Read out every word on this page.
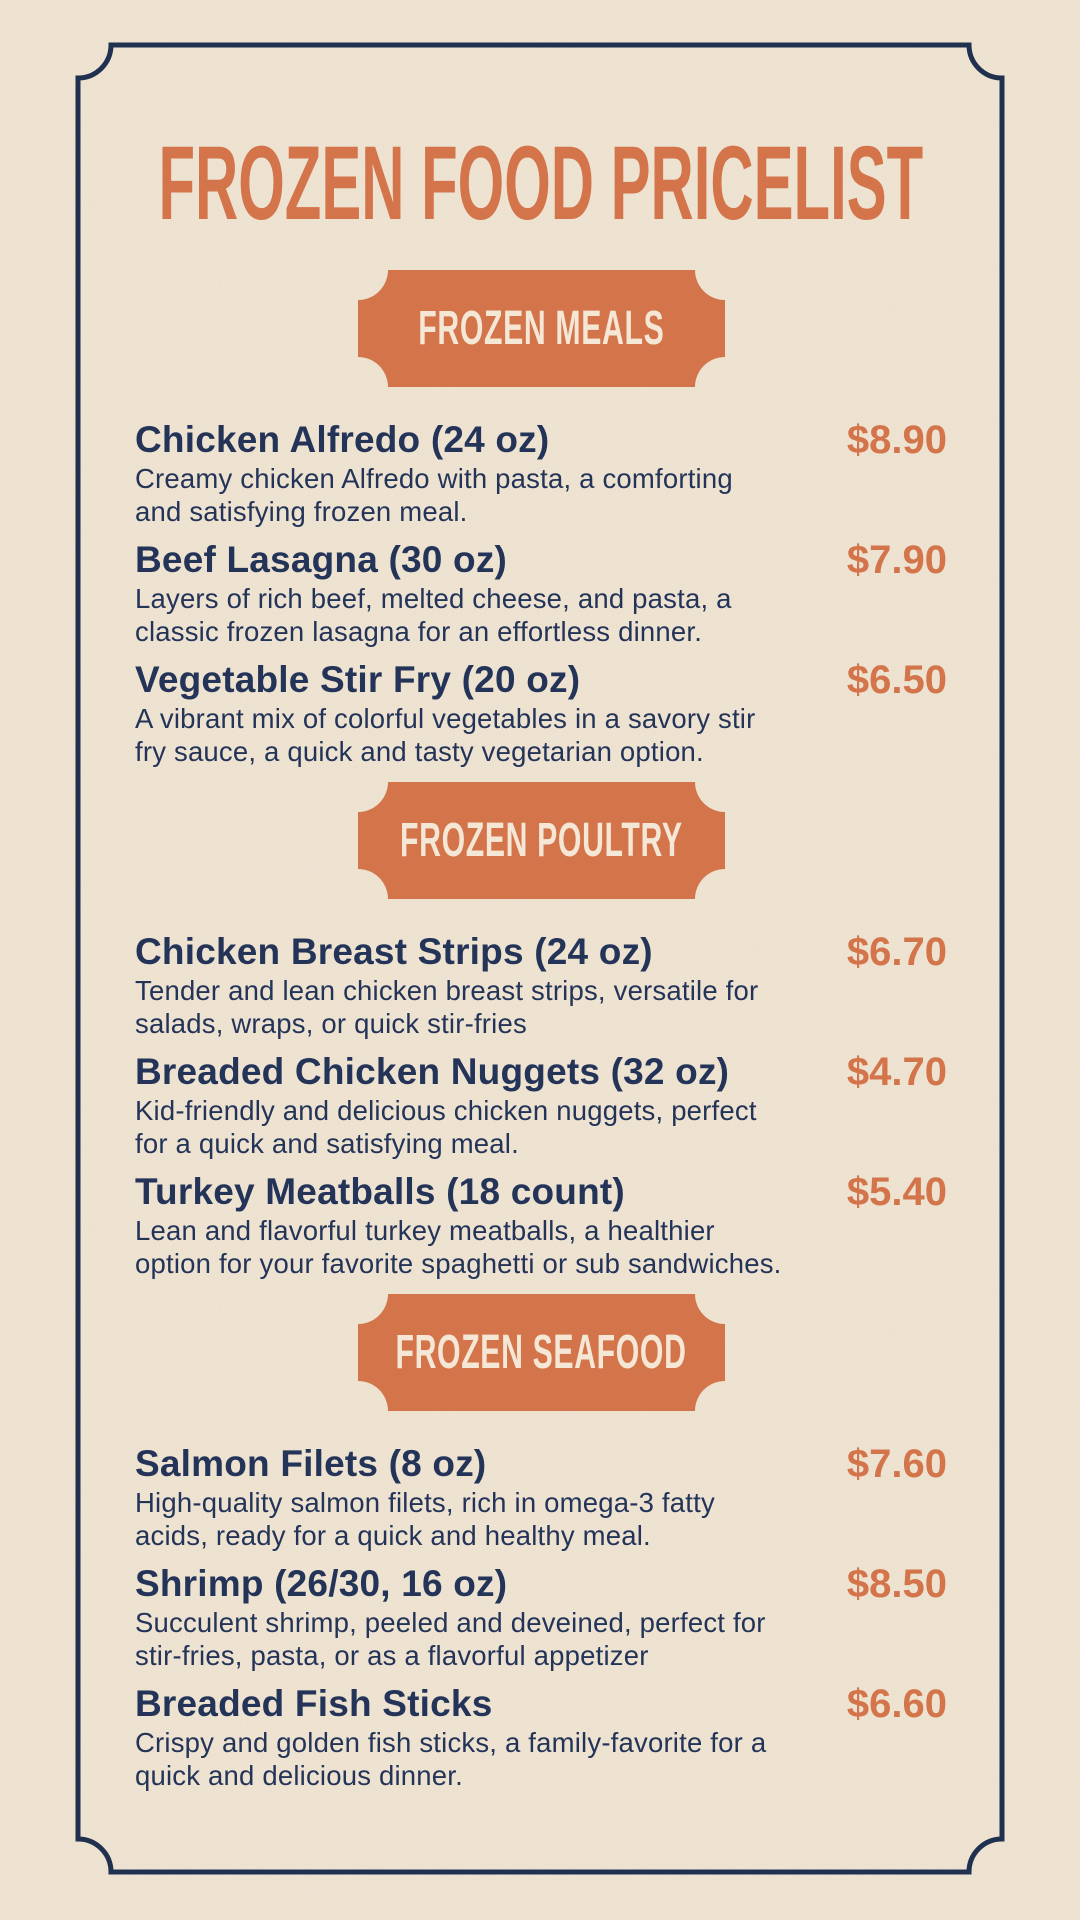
FROZEN FOOD PRICELIST
FROZEN MEALS
Chicken Alfredo (24 oz)	$8.90
Creamy chicken Alfredo with pasta, a comforting
and satisfying frozen meal.
Beef Lasagna (30 oz)	$7.90
Layers of rich beef, melted cheese, and pasta, a
classic frozen lasagna for an effortless dinner.
Vegetable Stir Fry (20 oz)	$6.50
A vibrant mix of colorful vegetables in a savory stir
fry sauce, a quick and tasty vegetarian option.
FROZEN POULTRY
Chicken Breast Strips (24 oz)	$6.70
Tender and lean chicken breast strips, versatile for
salads, wraps, or quick stir-fries
Breaded Chicken Nuggets (32 oz)	$4.70
Kid-friendly and delicious chicken nuggets, perfect
for a quick and satisfying meal.
Turkey Meatballs (18 count)	$5.40
Lean and flavorful turkey meatballs, a healthier
option for your favorite spaghetti or sub sandwiches.
FROZEN SEAFOOD
Salmon Filets (8 oz)	$7.60
High-quality salmon filets, rich in omega-3 fatty
acids, ready for a quick and healthy meal.
Shrimp (26/30, 16 oz)	$8.50
Succulent shrimp, peeled and deveined, perfect for
stir-fries, pasta, or as a flavorful appetizer
Breaded Fish Sticks	$6.60
Crispy and golden fish sticks, a family-favorite for a
quick and delicious dinner.
